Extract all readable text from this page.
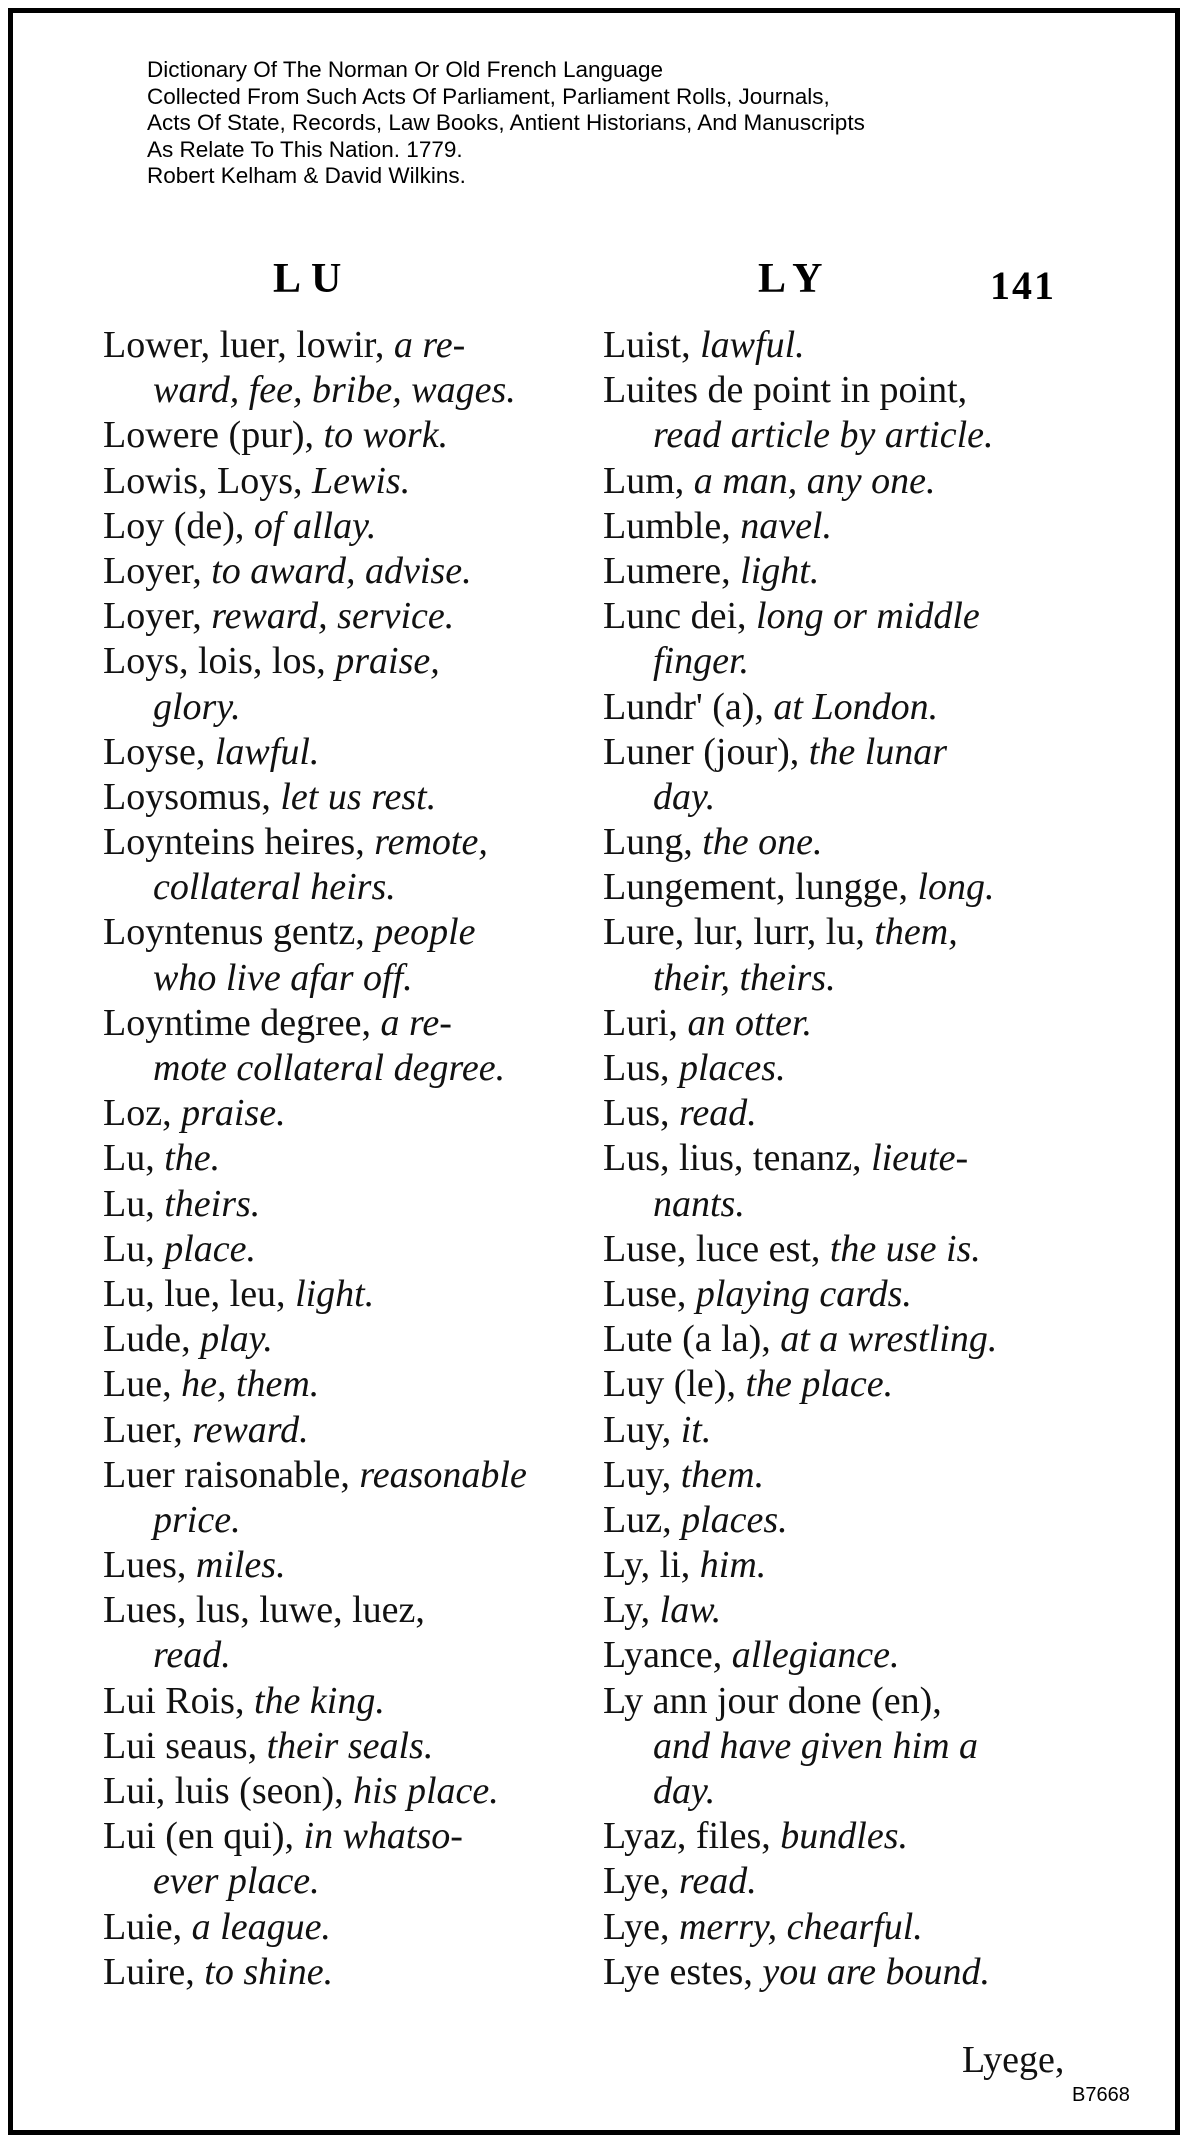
Dictionary Of The Norman Or Old French Language
Collected From Such Acts Of Parliament, Parliament Rolls, Journals,
Acts Of State, Records, Law Books, Antient Historians, And Manuscripts
As Relate To This Nation. 1779.
Robert Kelham & David Wilkins.
LU	LY	141
Lower, luer, lowir, a re-
ward, fee, bribe, wages.
Lowere (pur), to work.
Lowis, Loys, Lewis.
Loy (de), of allay.
Loyer, to award, advise.
Loyer, reward, service.
Loys, lois, los, praise,
glory.
Loyse, lawful.
Loysomus, let us rest.
Loynteins heires, remote,
collateral heirs.
Loyntenus gentz, people
who live afar off.
Loyntime degree, a re-
mote collateral degree.
Loz, praise.
Lu, the.
Lu, theirs.
Lu, place.
Lu, lue, leu, light.
Lude, play.
Lue, he, them.
Luer, reward.
Luer raisonable, reasonable
price.
Lues, miles.
Lues, lus, luwe, luez,
read.
Lui Rois, the king.
Lui seaus, their seals.
Lui, luis (seon), his place.
Lui (en qui), in whatso-
ever place.
Luie, a league.
Luire, to shine.
Luist, lawful.
Luites de point in point,
read article by article.
Lum, a man, any one.
Lumble, navel.
Lumere, light.
Lunc dei, long or middle
finger.
Lundr' (a), at London.
Luner (jour), the lunar
day.
Lung, the one.
Lungement, lungge, long.
Lure, lur, lurr, lu, them,
their, theirs.
Luri, an otter.
Lus, places.
Lus, read.
Lus, lius, tenanz, lieute-
nants.
Luse, luce est, the use is.
Luse, playing cards.
Lute (a la), at a wrestling.
Luy (le), the place.
Luy, it.
Luy, them.
Luz, places.
Ly, li, him.
Ly, law.
Lyance, allegiance.
Ly ann jour done (en),
and have given him a
day.
Lyaz, files, bundles.
Lye, read.
Lye, merry, chearful.
Lye estes, you are bound.
Lyege,
B7668
